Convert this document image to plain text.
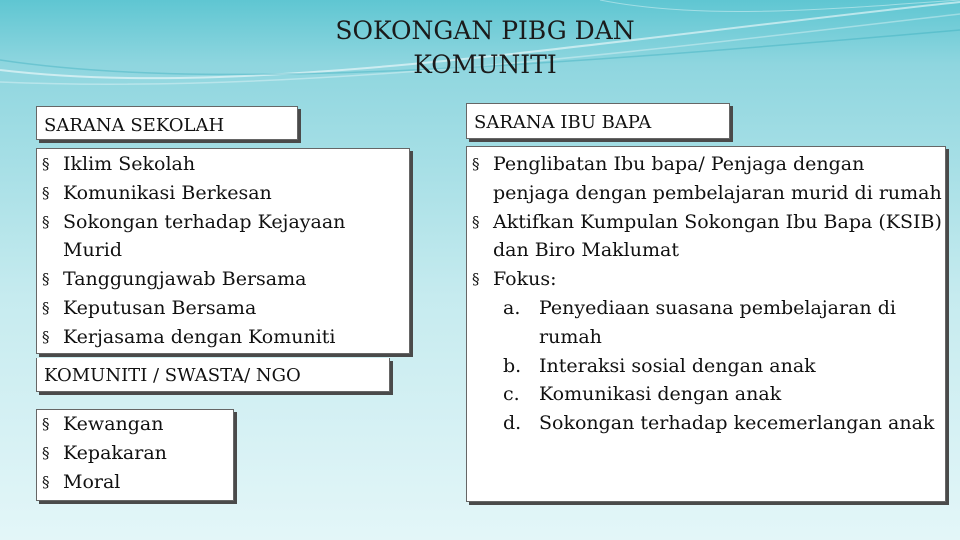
SOKONGAN PIBG DAN
KOMUNITI
SARANA SEKOLAH
§ Iklim Sekolah
§ Komunikasi Berkesan
§ Sokongan terhadap Kejayaan Murid
§ Tanggungjawab Bersama
§ Keputusan Bersama
§ Kerjasama dengan Komuniti
KOMUNITI / SWASTA/ NGO
§ Kewangan
§ Kepakaran
§ Moral
SARANA IBU BAPA
§ Penglibatan Ibu bapa/ Penjaga dengan penjaga dengan pembelajaran murid di rumah
§ Aktifkan Kumpulan Sokongan Ibu Bapa (KSIB) dan Biro Maklumat
§ Fokus:
a. Penyediaan suasana pembelajaran di rumah
b. Interaksi sosial dengan anak
c. Komunikasi dengan anak
d. Sokongan terhadap kecemerlangan anak
